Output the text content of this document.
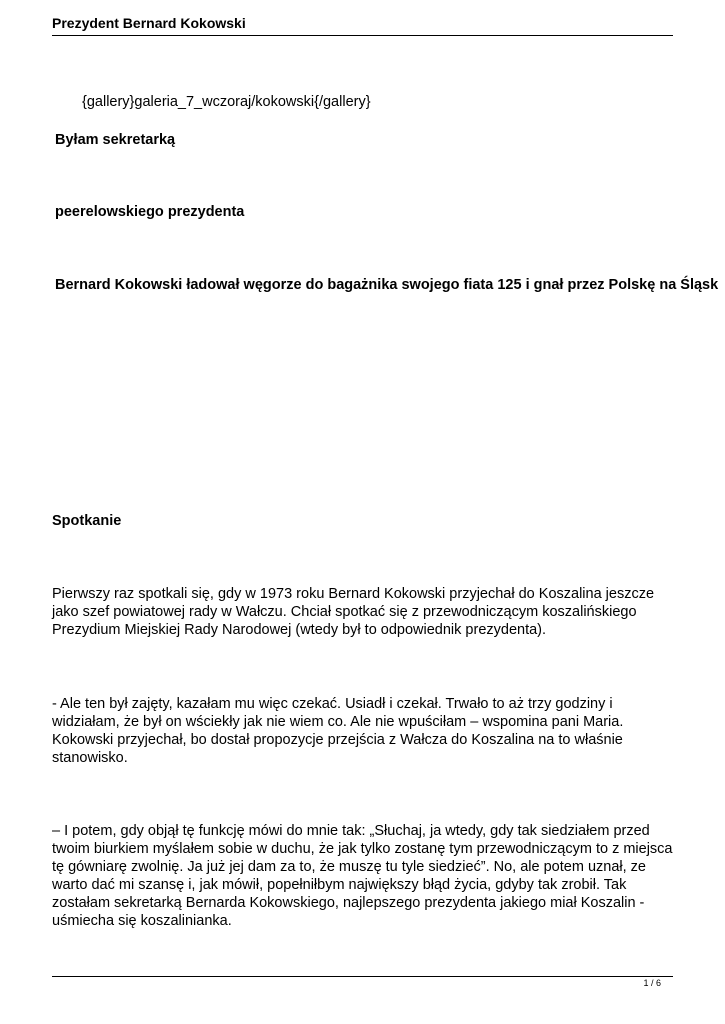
Prezydent Bernard Kokowski
{gallery}galeria_7_wczoraj/kokowski{/gallery}
Byłam sekretarką
peerelowskiego prezydenta
Bernard Kokowski ładował węgorze do bagażnika swojego fiata 125 i gnał przez Polskę na Śląsk
Spotkanie

Pierwszy raz spotkali się, gdy w 1973 roku Bernard Kokowski przyjechał do Koszalina jeszcze jako szef powiatowej rady w Wałczu. Chciał spotkać się z przewodniczącym koszalińskiego Prezydium Miejskiej Rady Narodowej (wtedy był to odpowiednik prezydenta).

- Ale ten był zajęty, kazałam mu więc czekać. Usiadł i czekał. Trwało to aż trzy godziny i widziałam, że był on wściekły jak nie wiem co. Ale nie wpuściłam – wspomina pani Maria. Kokowski przyjechał, bo dostał propozycje przejścia z Wałcza do Koszalina na to właśnie stanowisko.

– I potem, gdy objął tę funkcję mówi do mnie tak: „Słuchaj, ja wtedy, gdy tak siedziałem przed twoim biurkiem myślałem sobie w duchu, że jak tylko zostanę tym przewodniczącym to z miejsca tę gówniarę zwolnię. Ja już jej dam za to, że muszę tu tyle siedzieć”. No, ale potem uznał, ze warto dać mi szansę i, jak mówił, popełniłbym największy błąd życia, gdyby tak zrobił. Tak zostałam sekretarką Bernarda Kokowskiego, najlepszego prezydenta jakiego miał Koszalin - uśmiecha się koszalinianka.

1 / 6
